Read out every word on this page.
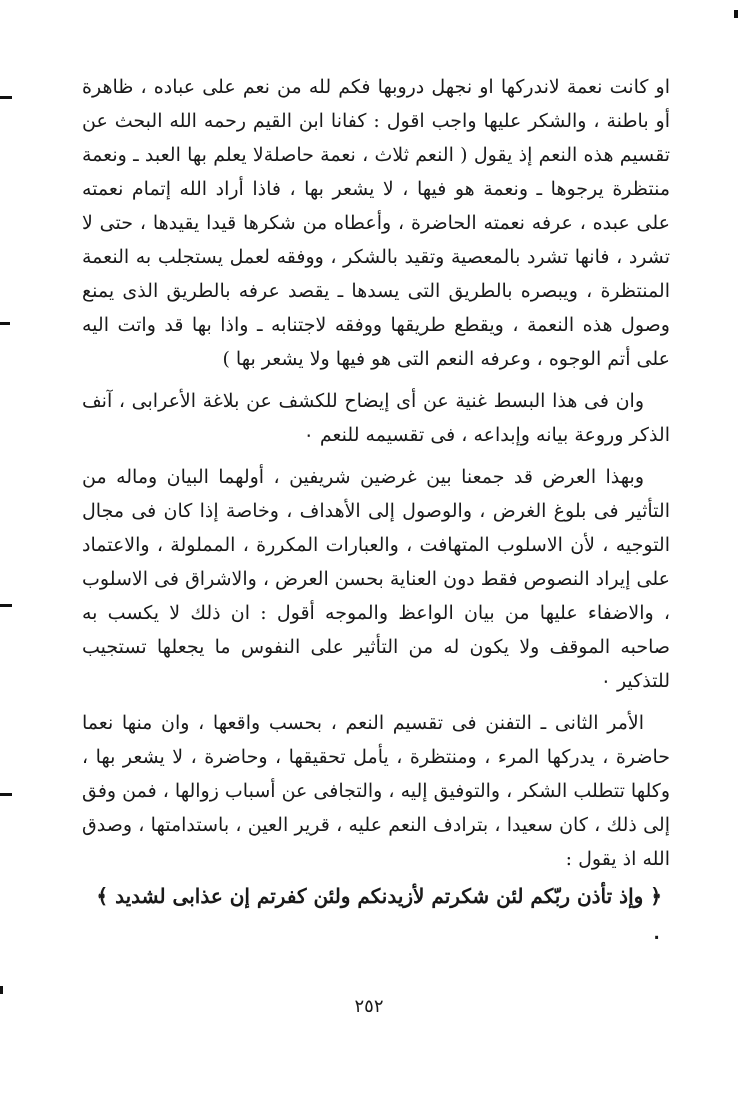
او كانت نعمة لاندركها او نجهل دروبها فكم لله من نعم على عباده ، ظاهرة أو باطنة ، والشكر عليها واجب اقول : كفانا ابن القيم رحمه الله البحث عن تقسيم هذه النعم إذ يقول ( النعم ثلاث ، نعمة حاصلةلا يعلم بها العبد ـ ونعمة منتظرة يرجوها ـ ونعمة هو فيها ، لا يشعر بها ، فاذا أراد الله إتمام نعمته على عبده ، عرفه نعمته الحاضرة ، وأعطاه من شكرها قيدا يقيدها ، حتى لا تشرد ، فانها تشرد بالمعصية وتقيد بالشكر ، ووفقه لعمل يستجلب به النعمة المنتظرة ، ويبصره بالطريق التى يسدها ـ يقصد عرفه بالطريق الذى يمنع وصول هذه النعمة ، ويقطع طريقها ووفقه لاجتنابه ـ واذا بها قد واتت اليه على أتم الوجوه ، وعرفه النعم التى هو فيها ولا يشعر بها )

وان فى هذا البسط غنية عن أى إيضاح للكشف عن بلاغة الأعرابى ، آنف الذكر وروعة بيانه وإبداعه ، فى تقسيمه للنعم ٠

وبهذا العرض قد جمعنا بين غرضين شريفين ، أولهما البيان وماله من التأثير فى بلوغ الغرض ، والوصول إلى الأهداف ، وخاصة إذا كان فى مجال التوجيه ، لأن الاسلوب المتهافت ، والعبارات المكررة ، المملولة ، والاعتماد على إيراد النصوص فقط دون العناية بحسن العرض ، والاشراق فى الاسلوب ، والاضفاء عليها من بيان الواعظ والموجه أقول : ان ذلك لا يكسب به صاحبه الموقف ولا يكون له من التأثير على النفوس ما يجعلها تستجيب للتذكير ٠

الأمر الثانى ـ التفنن فى تقسيم النعم ، بحسب واقعها ، وان منها نعما حاضرة ، يدركها المرء ، ومنتظرة ، يأمل تحقيقها ، وحاضرة ، لا يشعر بها ، وكلها تتطلب الشكر ، والتوفيق إليه ، والتجافى عن أسباب زوالها ، فمن وفق إلى ذلك ، كان سعيدا ، بترادف النعم عليه ، قرير العين ، باستدامتها ، وصدق الله اذ يقول :

﴿ وإذ تأذن ربّكم لئن شكرتم لأزيدنكم ولئن كفرتم إن عذابى لشديد ﴾ ٠

٢٥٢
